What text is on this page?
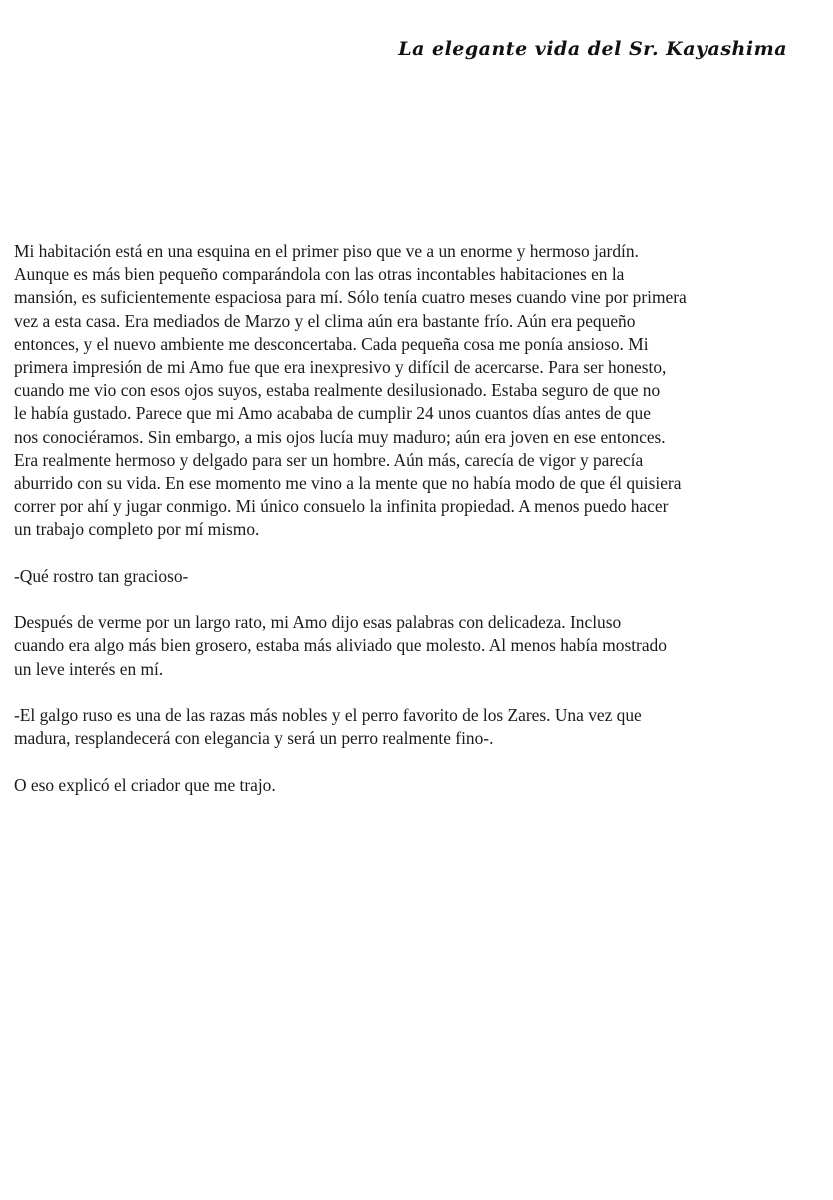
La elegante vida del Sr. Kayashima

Mi habitación está en una esquina en el primer piso que ve a un enorme y hermoso jardín.
Aunque es más bien pequeño comparándola con las otras incontables habitaciones en la
mansión, es suficientemente espaciosa para mí. Sólo tenía cuatro meses cuando vine por primera
vez a esta casa. Era mediados de Marzo y el clima aún era bastante frío. Aún era pequeño
entonces, y el nuevo ambiente me desconcertaba. Cada pequeña cosa me ponía ansioso. Mi
primera impresión de mi Amo fue que era inexpresivo y difícil de acercarse. Para ser honesto,
cuando me vio con esos ojos suyos, estaba realmente desilusionado. Estaba seguro de que no
le había gustado. Parece que mi Amo acababa de cumplir 24 unos cuantos días antes de que
nos conociéramos. Sin embargo, a mis ojos lucía muy maduro; aún era joven en ese entonces.
Era realmente hermoso y delgado para ser un hombre. Aún más, carecía de vigor y parecía
aburrido con su vida. En ese momento me vino a la mente que no había modo de que él quisiera
correr por ahí y jugar conmigo. Mi único consuelo la infinita propiedad. A menos puedo hacer
un trabajo completo por mí mismo.

-Qué rostro tan gracioso-

Después de verme por un largo rato, mi Amo dijo esas palabras con delicadeza. Incluso
cuando era algo más bien grosero, estaba más aliviado que molesto. Al menos había mostrado
un leve interés en mí.

-El galgo ruso es una de las razas más nobles y el perro favorito de los Zares. Una vez que
madura, resplandecerá con elegancia y será un perro realmente fino-.

O eso explicó el criador que me trajo.
